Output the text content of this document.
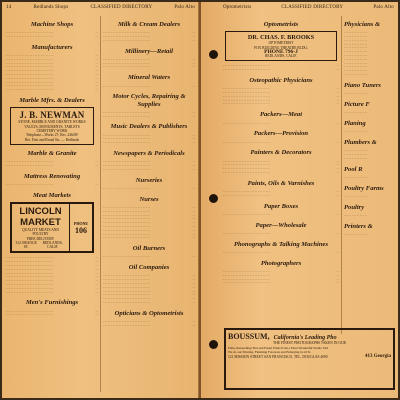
14	Redlands Shops	CLASSIFIED DIRECTORY	Palo Alto
Machine Shops
. . . . . . . . . . . . . . . . . . . . . . . . . . . . . .	. .
. . . . . . . . . . . . . . . . . . . . . . . . . . . . . .	. .
Manufacturers
. . . . . . . . . . . . . . . . . . . . . . . . . . . . . .	. .
. . . . . . . . . . . . . . . . . . . . . . . . . . . . . .	. .
. . . . . . . . . . . . . . . . . . . . . . . . . . . . . .	. .
. . . . . . . . . . . . . . . . . . . . . . . . . . . . . .	. .
. . . . . . . . . . . . . . . . . . . . . . . . . . . . . .	. .
. . . . . . . . . . . . . . . . . . . . . . . . . . . . . .	. .
. . . . . . . . . . . . . . . . . . . . . . . . . . . . . .	. .
. . . . . . . . . . . . . . . . . . . . . . . . . . . . . .	. .
. . . . . . . . . . . . . . . . . . . . . . . . . . . . . .	. .
. . . . . . . . . . . . . . . . . . . . . . . . . . . . . .	. .
Marble Mfrs. & Dealers
J. B. NEWMAN
STONE, MARBLE AND GRANITE WORKS
VAULTS, MONUMENTS, TABLETS
CEMETERY WORK
Telephone—Works 27; Res. 2464W
Bet. First and Broad Sts. — Redlands
Marble & Granite
. . . . . . . . . . . . . . . . . . . . . . . . . . . . . .	. .
. . . . . . . . . . . . . . . . . . . . . . . . . . . . . .	. .
Mattress Renovating
. . . . . . . . . . . . . . . . . . . . . . . . . . . . . .	. .
Meat Markets
LINCOLN MARKET
QUALITY MEATS AND POULTRY
FREE DELIVERY
312 ORANGE ST.
REDLANDS, CALIF.
PHONE
106
. . . . . . . . . . . . . . . . . . . . . . . . . . . . . .	. .
. . . . . . . . . . . . . . . . . . . . . . . . . . . . . .	. .
. . . . . . . . . . . . . . . . . . . . . . . . . . . . . .	. .
. . . . . . . . . . . . . . . . . . . . . . . . . . . . . .	. .
. . . . . . . . . . . . . . . . . . . . . . . . . . . . . .	. .
. . . . . . . . . . . . . . . . . . . . . . . . . . . . . .	. .
. . . . . . . . . . . . . . . . . . . . . . . . . . . . . .	. .
. . . . . . . . . . . . . . . . . . . . . . . . . . . . . .	. .
. . . . . . . . . . . . . . . . . . . . . . . . . . . . . .	. .
. . . . . . . . . . . . . . . . . . . . . . . . . . . . . .	. .
Men's Furnishings
. . . . . . . . . . . . . . . . . . . . . . . . . . . . . .	. .
. . . . . . . . . . . . . . . . . . . . . . . . . . . . . .	. .
Milk & Cream Dealers
. . . . . . . . . . . . . . . . . . . . . . . . . . . . . .	. .
. . . . . . . . . . . . . . . . . . . . . . . . . . . . . .	. .
. . . . . . . . . . . . . . . . . . . . . . . . . . . . . .	. .
Millinery—Retail
. . . . . . . . . . . . . . . . . . . . . . . . . . . . . .	. .
. . . . . . . . . . . . . . . . . . . . . . . . . . . . . .	. .
. . . . . . . . . . . . . . . . . . . . . . . . . . . . . .	. .
Mineral Waters
. . . . . . . . . . . . . . . . . . . . . . . . . . . . . .	. .
Motor Cycles, Repairing & Supplies
. . . . . . . . . . . . . . . . . . . . . . . . . . . . . .	. .
. . . . . . . . . . . . . . . . . . . . . . . . . . . . . .	. .
Music Dealers & Publishers
. . . . . . . . . . . . . . . . . . . . . . . . . . . . . .	. .
. . . . . . . . . . . . . . . . . . . . . . . . . . . . . .	. .
. . . . . . . . . . . . . . . . . . . . . . . . . . . . . .	. .
Newspapers & Periodicals
. . . . . . . . . . . . . . . . . . . . . . . . . . . . . .	. .
. . . . . . . . . . . . . . . . . . . . . . . . . . . . . .	. .
. . . . . . . . . . . . . . . . . . . . . . . . . . . . . .	. .
Nurseries
. . . . . . . . . . . . . . . . . . . . . . . . . . . . . .	. .
Nurses
. . . . . . . . . . . . . . . . . . . . . . . . . . . . . .	. .
. . . . . . . . . . . . . . . . . . . . . . . . . . . . . .	. .
. . . . . . . . . . . . . . . . . . . . . . . . . . . . . .	. .
. . . . . . . . . . . . . . . . . . . . . . . . . . . . . .	. .
. . . . . . . . . . . . . . . . . . . . . . . . . . . . . .	. .
. . . . . . . . . . . . . . . . . . . . . . . . . . . . . .	. .
. . . . . . . . . . . . . . . . . . . . . . . . . . . . . .	. .
. . . . . . . . . . . . . . . . . . . . . . . . . . . . . .	. .
. . . . . . . . . . . . . . . . . . . . . . . . . . . . . .	. .
Oil Burners
. . . . . . . . . . . . . . . . . . . . . . . . . . . . . .	. .
Oil Companies
. . . . . . . . . . . . . . . . . . . . . . . . . . . . . .	. .
. . . . . . . . . . . . . . . . . . . . . . . . . . . . . .	. .
. . . . . . . . . . . . . . . . . . . . . . . . . . . . . .	. .
. . . . . . . . . . . . . . . . . . . . . . . . . . . . . .	. .
. . . . . . . . . . . . . . . . . . . . . . . . . . . . . .	. .
. . . . . . . . . . . . . . . . . . . . . . . . . . . . . .	. .
. . . . . . . . . . . . . . . . . . . . . . . . . . . . . .	. .
. . . . . . . . . . . . . . . . . . . . . . . . . . . . . .	. .
Opticians & Optometrists
. . . . . . . . . . . . . . . . . . . . . . . . . . . . . .	. .
. . . . . . . . . . . . . . . . . . . . . . . . . . . . . .	. .
Optometrists	CLASSIFIED DIRECTORY	Palo Alto
Optometrists
DR. CHAS. F. BROOKS
OPTOMETRIST
FOX BUILDING THEATRE BLDG.
PHONE 796-J
REDLANDS, CALIF.
. . . . . . . . . . . . . . . . . . . . . . . . . . . . . .	. .
. . . . . . . . . . . . . . . . . . . . . . . . . . . . . .	. .
Osteopathic Physicians
. . . . . . . . . . . . . . . . . . . . . . . . . . . . . .	. .
. . . . . . . . . . . . . . . . . . . . . . . . . . . . . .	. .
. . . . . . . . . . . . . . . . . . . . . . . . . . . . . .	. .
. . . . . . . . . . . . . . . . . . . . . . . . . . . . . .	. .
. . . . . . . . . . . . . . . . . . . . . . . . . . . . . .	. .
Packers—Meat
. . . . . . . . . . . . . . . . . . . . . . . . . . . . . .	. .
Packers—Provision
. . . . . . . . . . . . . . . . . . . . . . . . . . . . . .	. .
Painters & Decorators
. . . . . . . . . . . . . . . . . . . . . . . . . . . . . .	. .
. . . . . . . . . . . . . . . . . . . . . . . . . . . . . .	. .
. . . . . . . . . . . . . . . . . . . . . . . . . . . . . .	. .
. . . . . . . . . . . . . . . . . . . . . . . . . . . . . .	. .
Paints, Oils & Varnishes
. . . . . . . . . . . . . . . . . . . . . . . . . . . . . .	. .
. . . . . . . . . . . . . . . . . . . . . . . . . . . . . .	. .
Paper Boxes
. . . . . . . . . . . . . . . . . . . . . . . . . . . . . .	. .
Paper—Wholesale
. . . . . . . . . . . . . . . . . . . . . . . . . . . . . .	. .
Phonographs & Talking Machines
. . . . . . . . . . . . . . . . . . . . . . . . . . . . . .	. .
Photographers
. . . . . . . . . . . . . . . . . . . . . . . . . . . . . .	. .
. . . . . . . . . . . . . . . . . . . . . . . . . . . . . .	. .
. . . . . . . . . . . . . . . . . . . . . . . . . . . . . .	. .
. . . . . . . . . . . . . . . . . . . . . . . . . . . . . .	. .
Physicians &
. . . . . . . . . . . . . . .
. . . . . . . . . . . . . . .
. . . . . . . . . . . . . . .
. . . . . . . . . . . . . . .
. . . . . . . . . . . . . . .
. . . . . . . . . . . . . . .
. . . . . . . . . . . . . . .
. . . . . . . . . . . . . . .
. . . . . . . . . . . . . . .
. . . . . . . . . . . . . . .
. . . . . . . . . . . . . . .
. . . . . . . . . . . . . . .
Piano Tuners
. . . . . . . . . . . . . . .
Picture F
. . . . . . . . . . . . . . .
Planing
. . . . . . . . . . . . . . .
Plumbers &
. . . . . . . . . . . . . . .
. . . . . . . . . . . . . . .
. . . . . . . . . . . . . . .
Pool R
. . . . . . . . . . . . . . .
Poultry Farms
. . . . . . . . . . . . . . .
Poultry
. . . . . . . . . . . . . . .
Printers &
. . . . . . . . . . . . . . .
BOUSSUM, California's Leading Pho
THE FINEST PHOTOGRAPHS TAKEN IN OUR
Plain, Retouching Tint and Pastel Prints from a Most Wonderful Studio Vari
We do our Printing, Finishing Fotostats and Enlarging in all Si
121 MISSION STREET SAN FRANCISCO, TEL. DOUGLAS 4090	413 Georgia
